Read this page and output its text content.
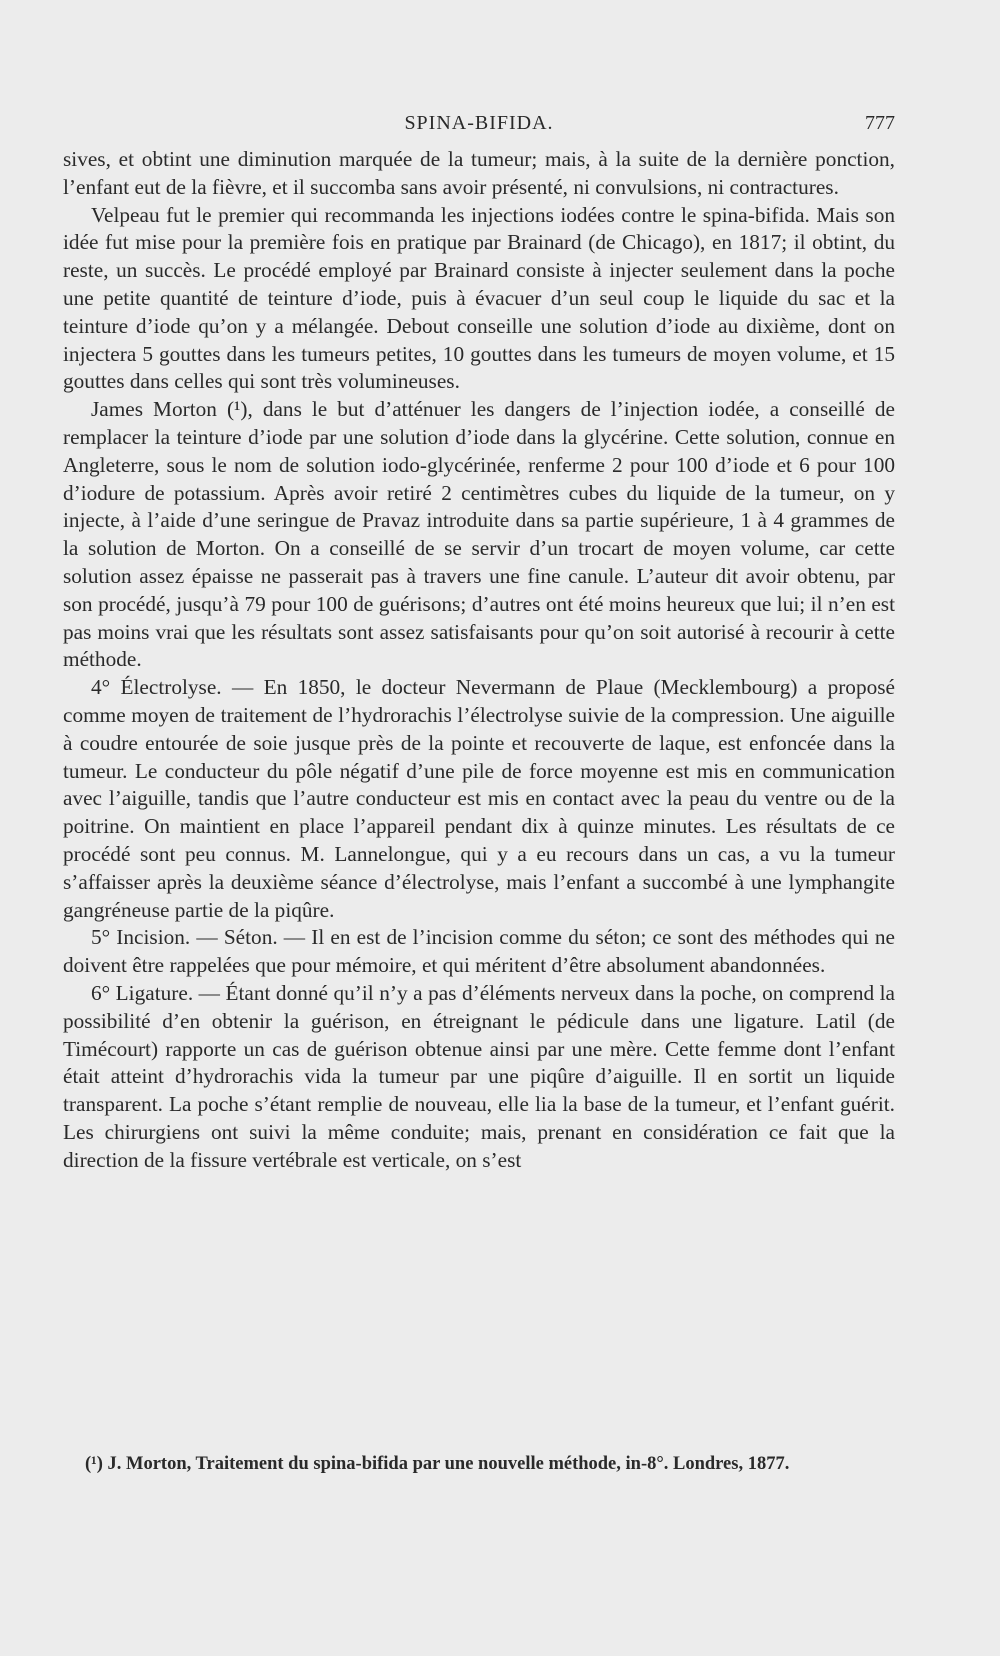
SPINA-BIFIDA.	777

sives, et obtint une diminution marquée de la tumeur; mais, à la suite de la dernière ponction, l’enfant eut de la fièvre, et il succomba sans avoir présenté, ni convulsions, ni contractures.

Velpeau fut le premier qui recommanda les injections iodées contre le spina-bifida. Mais son idée fut mise pour la première fois en pratique par Brainard (de Chicago), en 1817; il obtint, du reste, un succès. Le procédé employé par Brainard consiste à injecter seulement dans la poche une petite quantité de teinture d’iode, puis à évacuer d’un seul coup le liquide du sac et la teinture d’iode qu’on y a mélangée. Debout conseille une solution d’iode au dixième, dont on injectera 5 gouttes dans les tumeurs petites, 10 gouttes dans les tumeurs de moyen volume, et 15 gouttes dans celles qui sont très volumineuses.

James Morton (¹), dans le but d’atténuer les dangers de l’injection iodée, a conseillé de remplacer la teinture d’iode par une solution d’iode dans la glycérine. Cette solution, connue en Angleterre, sous le nom de solution iodo-glycérinée, renferme 2 pour 100 d’iode et 6 pour 100 d’iodure de potassium. Après avoir retiré 2 centimètres cubes du liquide de la tumeur, on y injecte, à l’aide d’une seringue de Pravaz introduite dans sa partie supérieure, 1 à 4 grammes de la solution de Morton. On a conseillé de se servir d’un trocart de moyen volume, car cette solution assez épaisse ne passerait pas à travers une fine canule. L’auteur dit avoir obtenu, par son procédé, jusqu’à 79 pour 100 de guérisons; d’autres ont été moins heureux que lui; il n’en est pas moins vrai que les résultats sont assez satisfaisants pour qu’on soit autorisé à recourir à cette méthode.

4° Électrolyse. — En 1850, le docteur Nevermann de Plaue (Mecklembourg) a proposé comme moyen de traitement de l’hydrorachis l’électrolyse suivie de la compression. Une aiguille à coudre entourée de soie jusque près de la pointe et recouverte de laque, est enfoncée dans la tumeur. Le conducteur du pôle négatif d’une pile de force moyenne est mis en communication avec l’aiguille, tandis que l’autre conducteur est mis en contact avec la peau du ventre ou de la poitrine. On maintient en place l’appareil pendant dix à quinze minutes. Les résultats de ce procédé sont peu connus. M. Lannelongue, qui y a eu recours dans un cas, a vu la tumeur s’affaisser après la deuxième séance d’électrolyse, mais l’enfant a succombé à une lymphangite gangréneuse partie de la piqûre.

5° Incision. — Séton. — Il en est de l’incision comme du séton; ce sont des méthodes qui ne doivent être rappelées que pour mémoire, et qui méritent d’être absolument abandonnées.

6° Ligature. — Étant donné qu’il n’y a pas d’éléments nerveux dans la poche, on comprend la possibilité d’en obtenir la guérison, en étreignant le pédicule dans une ligature. Latil (de Timécourt) rapporte un cas de guérison obtenue ainsi par une mère. Cette femme dont l’enfant était atteint d’hydrorachis vida la tumeur par une piqûre d’aiguille. Il en sortit un liquide transparent. La poche s’étant remplie de nouveau, elle lia la base de la tumeur, et l’enfant guérit. Les chirurgiens ont suivi la même conduite; mais, prenant en considération ce fait que la direction de la fissure vertébrale est verticale, on s’est

(¹) J. Morton, Traitement du spina-bifida par une nouvelle méthode, in-8°. Londres, 1877.
